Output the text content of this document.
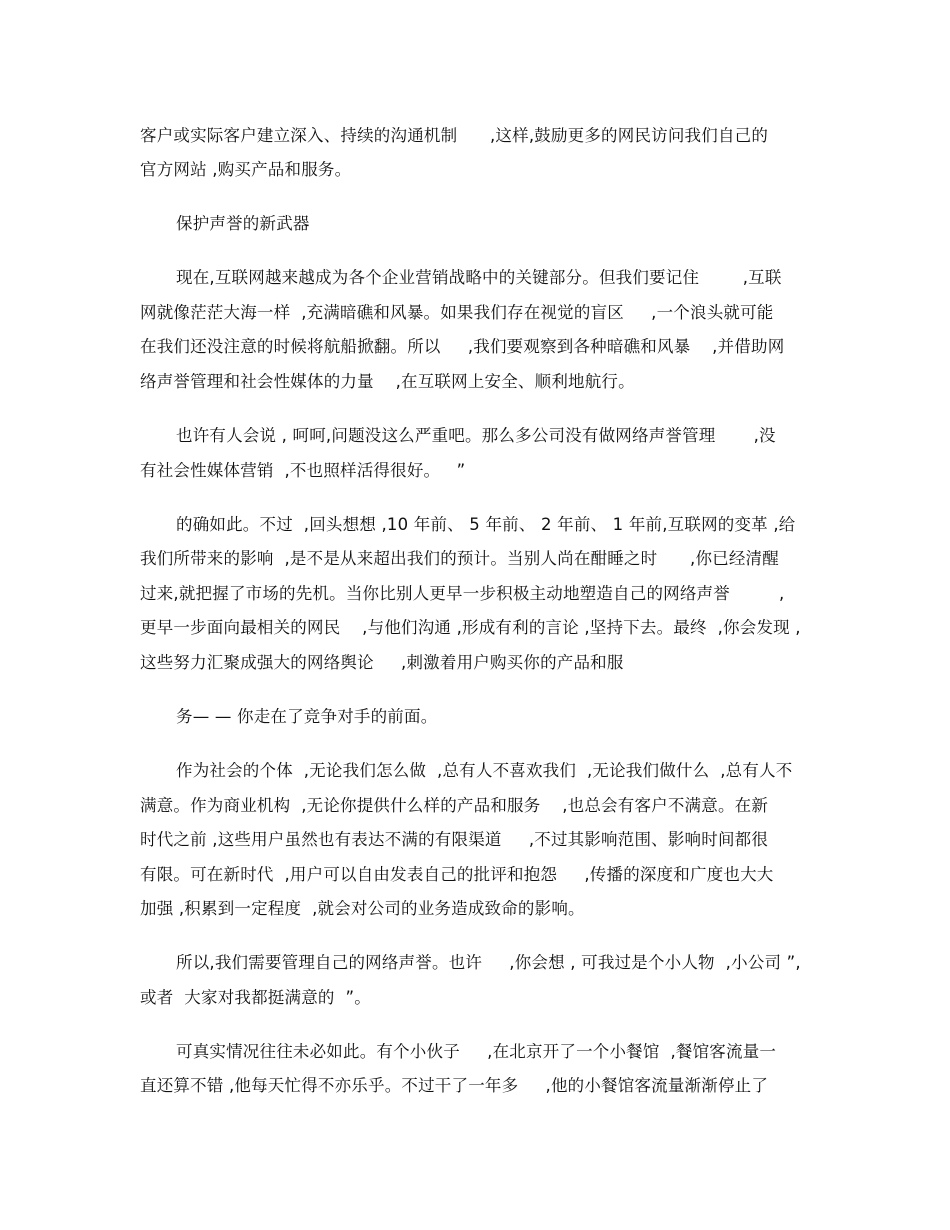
客户或实际客户建立深入、持续的沟通机制      ,这样,鼓励更多的网民访问我们自己的
官方网站 ,购买产品和服务。
保护声誉的新武器
现在,互联网越来越成为各个企业营销战略中的关键部分。但我们要记住        ,互联
网就像茫茫大海一样  ,充满暗礁和风暴。如果我们存在视觉的盲区     ,一个浪头就可能
在我们还没注意的时候将航船掀翻。所以     ,我们要观察到各种暗礁和风暴    ,并借助网
络声誉管理和社会性媒体的力量    ,在互联网上安全、顺利地航行。
也许有人会说 , 呵呵,问题没这么严重吧。那么多公司没有做网络声誉管理       ,没
有社会性媒体营销  ,不也照样活得很好。   ”
的确如此。不过  ,回头想想 ,10 年前、 5 年前、 2 年前、 1 年前,互联网的变革 ,给
我们所带来的影响  ,是不是从来超出我们的预计。当别人尚在酣睡之时      ,你已经清醒
过来,就把握了市场的先机。当你比别人更早一步积极主动地塑造自己的网络声誉         ,
更早一步面向最相关的网民    ,与他们沟通 ,形成有利的言论 ,坚持下去。最终  ,你会发现 ,
这些努力汇聚成强大的网络舆论     ,刺激着用户购买你的产品和服
务— — 你走在了竞争对手的前面。
作为社会的个体  ,无论我们怎么做  ,总有人不喜欢我们  ,无论我们做什么  ,总有人不
满意。作为商业机构  ,无论你提供什么样的产品和服务    ,也总会有客户不满意。在新
时代之前 ,这些用户虽然也有表达不满的有限渠道     ,不过其影响范围、影响时间都很
有限。可在新时代  ,用户可以自由发表自己的批评和抱怨     ,传播的深度和广度也大大
加强 ,积累到一定程度  ,就会对公司的业务造成致命的影响。
所以,我们需要管理自己的网络声誉。也许     ,你会想 , 可我过是个小人物  ,小公司 ”,
或者  大家对我都挺满意的  ”。
可真实情况往往未必如此。有个小伙子     ,在北京开了一个小餐馆  ,餐馆客流量一
直还算不错 ,他每天忙得不亦乐乎。不过干了一年多     ,他的小餐馆客流量渐渐停止了
